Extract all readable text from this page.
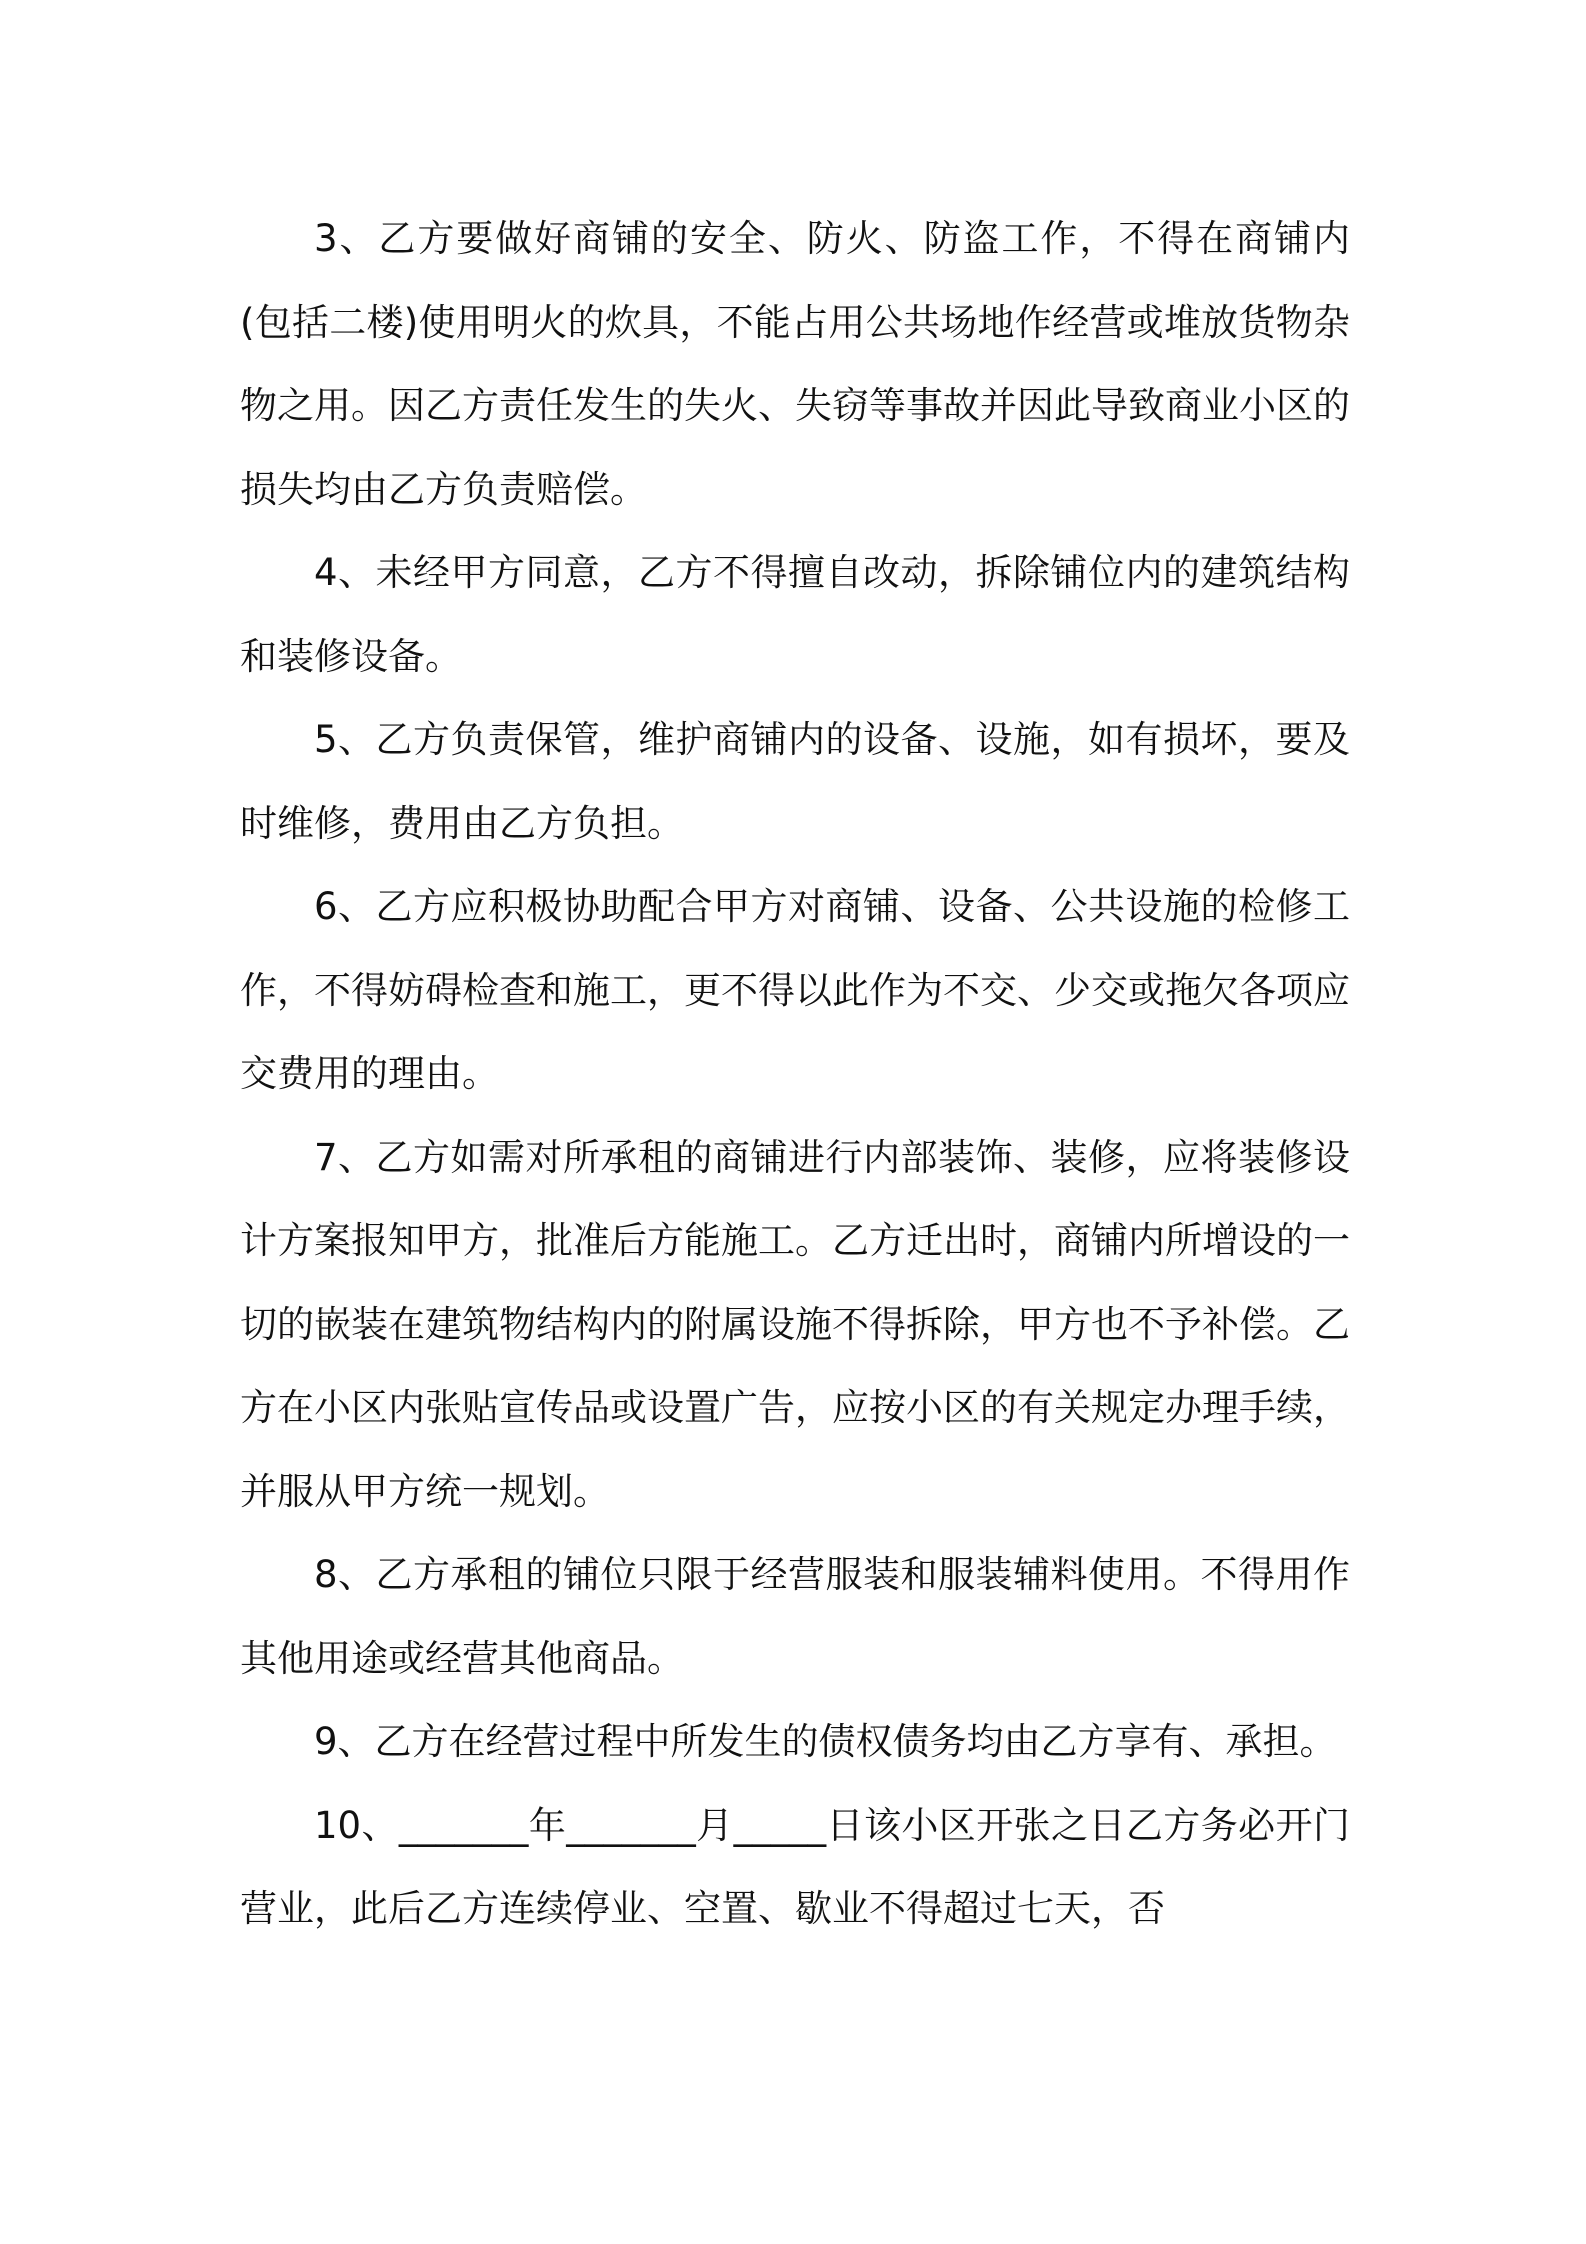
3、乙方要做好商铺的安全、防火、防盗工作，不得在商铺内(包括二楼)使用明火的炊具，不能占用公共场地作经营或堆放货物杂物之用。因乙方责任发生的失火、失窃等事故并因此导致商业小区的损失均由乙方负责赔偿。

4、未经甲方同意，乙方不得擅自改动，拆除铺位内的建筑结构和装修设备。

5、乙方负责保管，维护商铺内的设备、设施，如有损坏，要及时维修，费用由乙方负担。

6、乙方应积极协助配合甲方对商铺、设备、公共设施的检修工作，不得妨碍检查和施工，更不得以此作为不交、少交或拖欠各项应交费用的理由。

7、乙方如需对所承租的商铺进行内部装饰、装修，应将装修设计方案报知甲方，批准后方能施工。乙方迁出时，商铺内所增设的一切的嵌装在建筑物结构内的附属设施不得拆除，甲方也不予补偿。乙方在小区内张贴宣传品或设置广告，应按小区的有关规定办理手续，并服从甲方统一规划。

8、乙方承租的铺位只限于经营服装和服装辅料使用。不得用作其他用途或经营其他商品。

9、乙方在经营过程中所发生的债权债务均由乙方享有、承担。

10、_______年_______月_____日该小区开张之日乙方务必开门营业，此后乙方连续停业、空置、歇业不得超过七天，否
